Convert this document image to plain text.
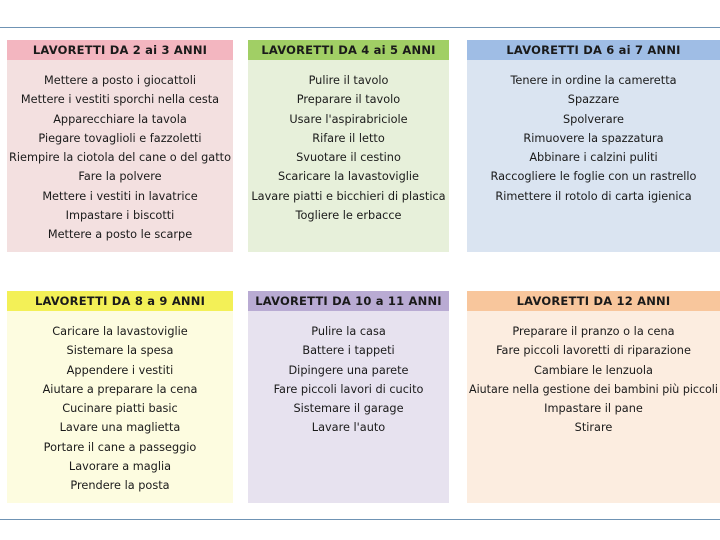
LAVORETTI DA 2 ai 3 ANNI
Mettere a posto i giocattoli
Mettere i vestiti sporchi nella cesta
Apparecchiare la tavola
Piegare tovaglioli e fazzoletti
Riempire la ciotola del cane o del gatto
Fare la polvere
Mettere i vestiti in lavatrice
Impastare i biscotti
Mettere a posto le scarpe
LAVORETTI DA 4 ai 5 ANNI
Pulire il tavolo
Preparare il tavolo
Usare l'aspirabriciole
Rifare il letto
Svuotare il cestino
Scaricare la lavastoviglie
Lavare piatti e bicchieri di plastica
Togliere le erbacce
LAVORETTI DA 6 ai 7 ANNI
Tenere in ordine la cameretta
Spazzare
Spolverare
Rimuovere la spazzatura
Abbinare i calzini puliti
Raccogliere le foglie con un rastrello
Rimettere il rotolo di carta igienica
LAVORETTI DA 8 a 9 ANNI
Caricare la lavastoviglie
Sistemare la spesa
Appendere i vestiti
Aiutare a preparare la cena
Cucinare piatti basic
Lavare una maglietta
Portare il cane a passeggio
Lavorare a maglia
Prendere la posta
LAVORETTI DA 10 a 11 ANNI
Pulire la casa
Battere i tappeti
Dipingere una parete
Fare piccoli lavori di cucito
Sistemare il garage
Lavare l'auto
LAVORETTI DA 12 ANNI
Preparare il pranzo o la cena
Fare piccoli lavoretti di riparazione
Cambiare le lenzuola
Aiutare nella gestione dei bambini più piccoli
Impastare il pane
Stirare
